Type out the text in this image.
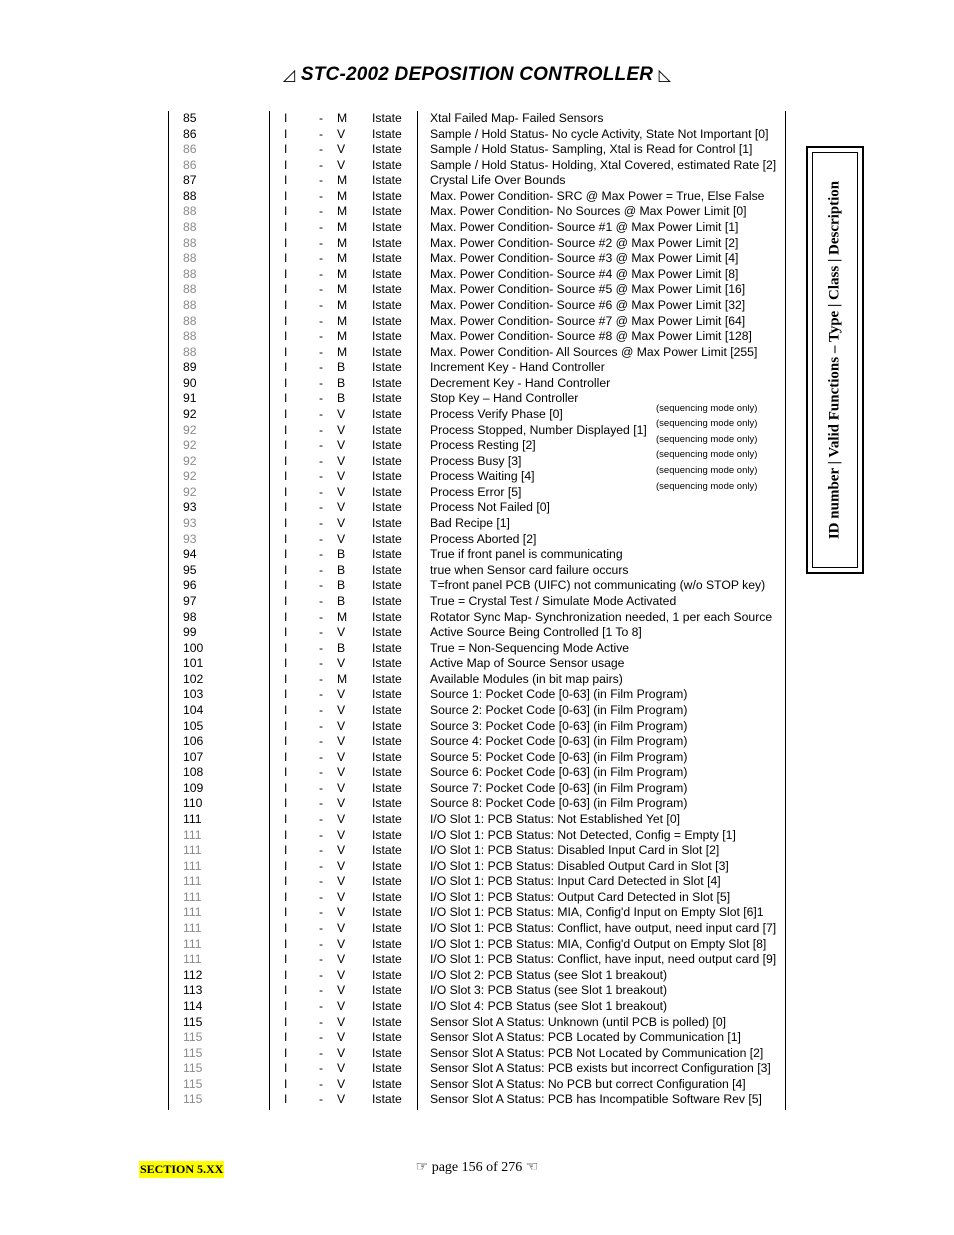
◿ STC-2002 DEPOSITION CONTROLLER ◺
85	I	- M Istate Xtal Failed Map- Failed Sensors
86	I	- V Istate Sample / Hold Status- No cycle Activity, State Not Important [0]
86	I	- V Istate Sample / Hold Status- Sampling, Xtal is Read for Control [1]
86	I	- V Istate Sample / Hold Status- Holding, Xtal Covered, estimated Rate [2]
87	I	- M Istate Crystal Life Over Bounds
88	I	- M Istate Max. Power Condition- SRC @ Max Power = True, Else False
88	I	- M Istate Max. Power Condition- No Sources @ Max Power Limit [0]
88	I	- M Istate Max. Power Condition- Source #1 @ Max Power Limit [1]
88	I	- M Istate Max. Power Condition- Source #2 @ Max Power Limit [2]
88	I	- M Istate Max. Power Condition- Source #3 @ Max Power Limit [4]
88	I	- M Istate Max. Power Condition- Source #4 @ Max Power Limit [8]
88	I	- M Istate Max. Power Condition- Source #5 @ Max Power Limit [16]
88	I	- M Istate Max. Power Condition- Source #6 @ Max Power Limit [32]
88	I	- M Istate Max. Power Condition- Source #7 @ Max Power Limit [64]
88	I	- M Istate Max. Power Condition- Source #8 @ Max Power Limit [128]
88	I	- M Istate Max. Power Condition- All Sources @ Max Power Limit [255]
89	I	- B Istate Increment Key - Hand Controller
90	I	- B Istate Decrement Key - Hand Controller
91	I	- B Istate Stop Key – Hand Controller
92	I	- V Istate Process Verify Phase [0]
92	I	- V Istate Process Stopped, Number Displayed [1]
92	I	- V Istate Process Resting [2]
92	I	- V Istate Process Busy [3]
92	I	- V Istate Process Waiting [4]
92	I	- V Istate Process Error [5]
93	I	- V Istate Process Not Failed [0]
93	I	- V Istate Bad Recipe [1]
93	I	- V Istate Process Aborted [2]
94	I	- B Istate True if front panel is communicating
95	I	- B Istate true when Sensor card failure occurs
96	I	- B Istate T=front panel PCB (UIFC) not communicating (w/o STOP key)
97	I	- B Istate True = Crystal Test / Simulate Mode Activated
98	I	- M Istate Rotator Sync Map- Synchronization needed, 1 per each Source
99	I	- V Istate Active Source Being Controlled [1 To 8]
100	I	- B Istate True = Non-Sequencing Mode Active
101	I	- V Istate Active Map of Source Sensor usage
102	I	- M Istate Available Modules (in bit map pairs)
103	I	- V Istate Source 1: Pocket Code [0-63] (in Film Program)
104	I	- V Istate Source 2: Pocket Code [0-63] (in Film Program)
105	I	- V Istate Source 3: Pocket Code [0-63] (in Film Program)
106	I	- V Istate Source 4: Pocket Code [0-63] (in Film Program)
107	I	- V Istate Source 5: Pocket Code [0-63] (in Film Program)
108	I	- V Istate Source 6: Pocket Code [0-63] (in Film Program)
109	I	- V Istate Source 7: Pocket Code [0-63] (in Film Program)
110	I	- V Istate Source 8: Pocket Code [0-63] (in Film Program)
111	I	- V Istate I/O Slot 1: PCB Status: Not Established Yet [0]
111	I	- V Istate I/O Slot 1: PCB Status: Not Detected, Config = Empty [1]
111	I	- V Istate I/O Slot 1: PCB Status: Disabled Input Card in Slot [2]
111	I	- V Istate I/O Slot 1: PCB Status: Disabled Output Card in Slot [3]
111	I	- V Istate I/O Slot 1: PCB Status: Input Card Detected in Slot [4]
111	I	- V Istate I/O Slot 1: PCB Status: Output Card Detected in Slot [5]
111	I	- V Istate I/O Slot 1: PCB Status: MIA, Config'd Input on Empty Slot [6]1
111	I	- V Istate I/O Slot 1: PCB Status: Conflict, have output, need input card [7]
111	I	- V Istate I/O Slot 1: PCB Status: MIA, Config'd Output on Empty Slot [8]
111	I	- V Istate I/O Slot 1: PCB Status: Conflict, have input, need output card [9]
112	I	- V Istate I/O Slot 2: PCB Status (see Slot 1 breakout)
113	I	- V Istate I/O Slot 3: PCB Status (see Slot 1 breakout)
114	I	- V Istate I/O Slot 4: PCB Status (see Slot 1 breakout)
115	I	- V Istate Sensor Slot A Status: Unknown (until PCB is polled) [0]
115	I	- V Istate Sensor Slot A Status: PCB Located by Communication [1]
115	I	- V Istate Sensor Slot A Status: PCB Not Located by Communication [2]
115	I	- V Istate Sensor Slot A Status: PCB exists but incorrect Configuration [3]
115	I	- V Istate Sensor Slot A Status: No PCB but correct Configuration [4]
115	I	- V Istate Sensor Slot A Status: PCB has Incompatible Software Rev [5]
(sequencing mode only)
(sequencing mode only)
(sequencing mode only)
(sequencing mode only)
(sequencing mode only)
(sequencing mode only)	ID number | Valid Functions – Type | Class | Description
SECTION 5.XX	☞ page 156 of 276 ☜
